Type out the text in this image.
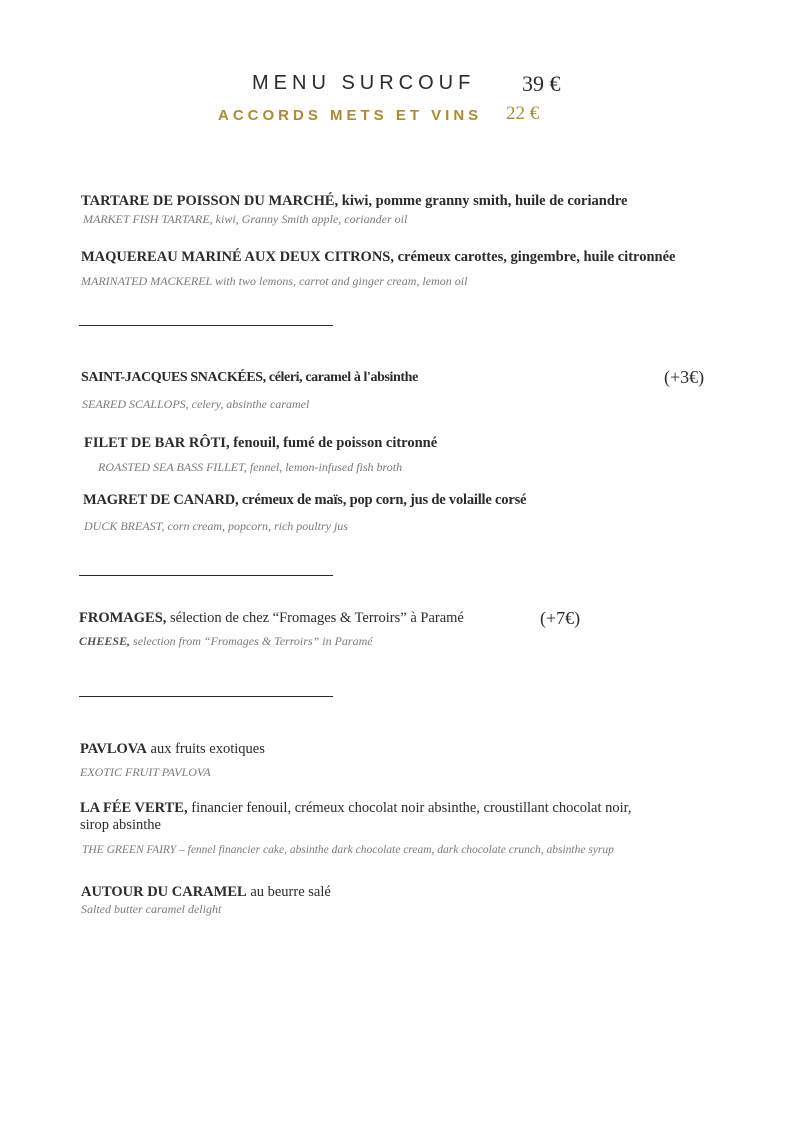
MENU SURCOUF 39 €
ACCORDS METS ET VINS 22 €
TARTARE DE POISSON DU MARCHÉ, kiwi, pomme granny smith, huile de coriandre
MARKET FISH TARTARE, kiwi, Granny Smith apple, coriander oil
MAQUEREAU MARINÉ AUX DEUX CITRONS, crémeux carottes, gingembre, huile citronnée
MARINATED MACKEREL with two lemons, carrot and ginger cream, lemon oil
SAINT-JACQUES SNACKÉES, céleri, caramel à l'absinthe	(+3€)
SEARED SCALLOPS, celery, absinthe caramel
FILET DE BAR RÔTI, fenouil, fumé de poisson citronné
ROASTED SEA BASS FILLET, fennel, lemon-infused fish broth
MAGRET DE CANARD, crémeux de maïs, pop corn, jus de volaille corsé
DUCK BREAST, corn cream, popcorn, rich poultry jus
FROMAGES, sélection de chez “Fromages & Terroirs” à Paramé	(+7€)
CHEESE, selection from “Fromages & Terroirs” in Paramé
PAVLOVA aux fruits exotiques
EXOTIC FRUIT PAVLOVA
LA FÉE VERTE, financier fenouil, crémeux chocolat noir absinthe, croustillant chocolat noir, sirop absinthe
THE GREEN FAIRY – fennel financier cake, absinthe dark chocolate cream, dark chocolate crunch, absinthe syrup
AUTOUR DU CARAMEL au beurre salé
Salted butter caramel delight
